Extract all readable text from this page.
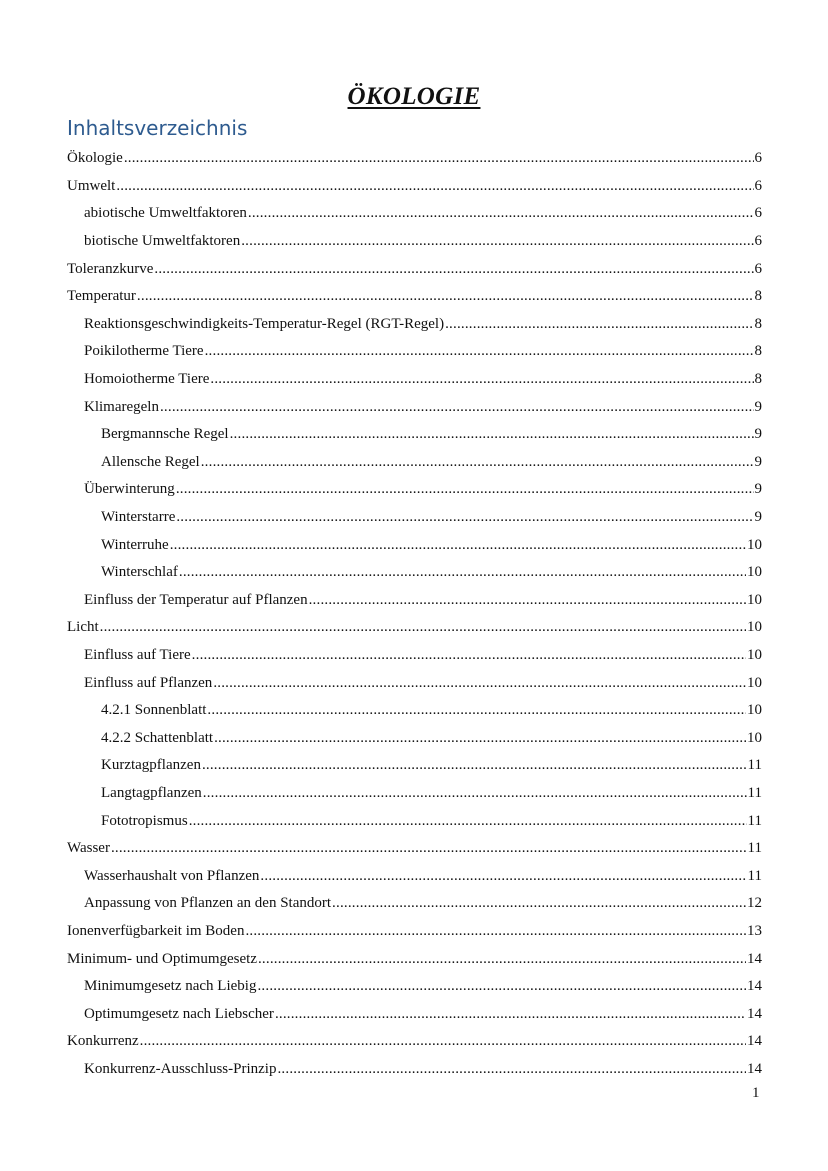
ÖKOLOGIE
Inhaltsverzeichnis
Ökologie .....	6
Umwelt .....	6
abiotische Umweltfaktoren .....	6
biotische Umweltfaktoren .....	6
Toleranzkurve .....	6
Temperatur .....	8
Reaktionsgeschwindigkeits-Temperatur-Regel (RGT-Regel) .....	8
Poikilotherme Tiere .....	8
Homoiotherme Tiere .....	8
Klimaregeln .....	9
Bergmannsche Regel .....	9
Allensche Regel .....	9
Überwinterung .....	9
Winterstarre .....	9
Winterruhe .....	10
Winterschlaf .....	10
Einfluss der Temperatur auf Pflanzen .....	10
Licht .....	10
Einfluss auf Tiere .....	10
Einfluss auf Pflanzen .....	10
4.2.1 Sonnenblatt .....	10
4.2.2 Schattenblatt .....	10
Kurztagpflanzen .....	11
Langtagpflanzen .....	11
Fototropismus .....	11
Wasser .....	11
Wasserhaushalt von Pflanzen .....	11
Anpassung von Pflanzen an den Standort .....	12
Ionenverfügbarkeit im Boden .....	13
Minimum- und Optimumgesetz .....	14
Minimumgesetz nach Liebig .....	14
Optimumgesetz nach Liebscher .....	14
Konkurrenz .....	14
Konkurrenz-Ausschluss-Prinzip .....	14
1
